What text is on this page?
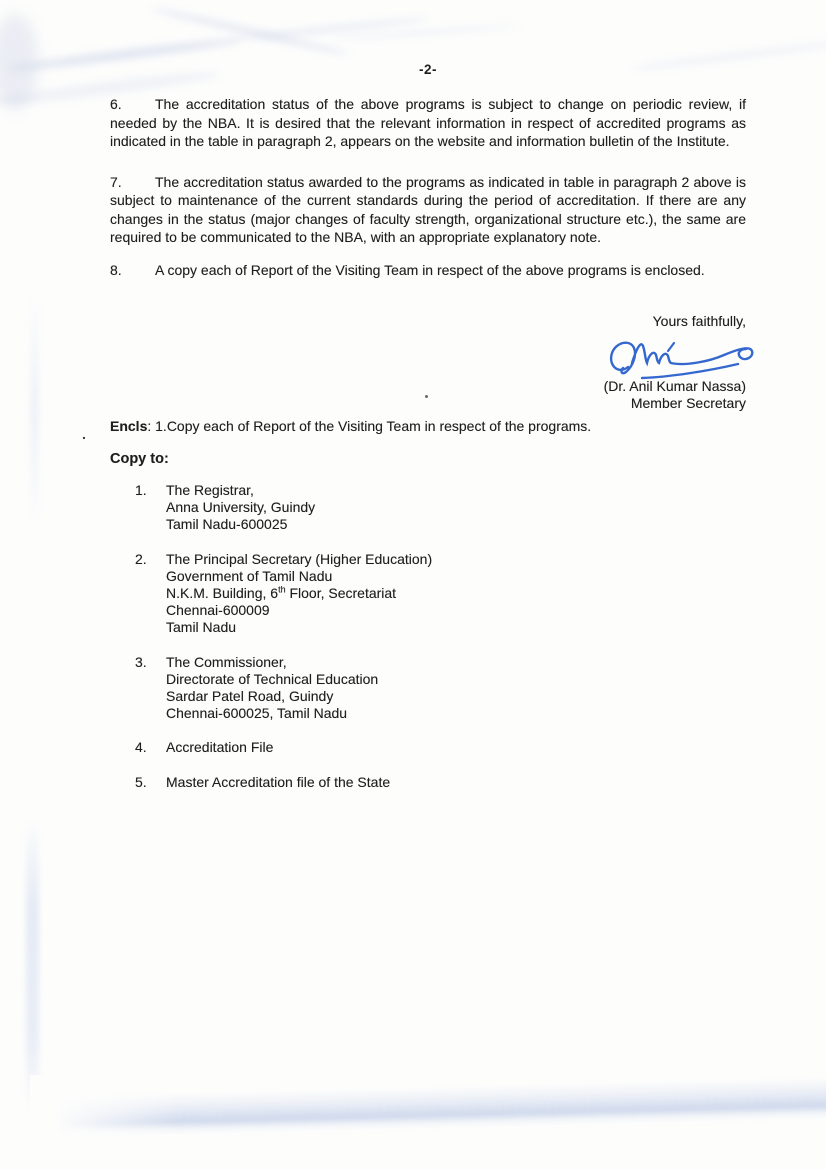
.
-2-

6. The accreditation status of the above programs is subject to change on periodic review, if needed by the NBA. It is desired that the relevant information in respect of accredited programs as indicated in the table in paragraph 2, appears on the website and information bulletin of the Institute.

7. The accreditation status awarded to the programs as indicated in table in paragraph 2 above is subject to maintenance of the current standards during the period of accreditation. If there are any changes in the status (major changes of faculty strength, organizational structure etc.), the same are required to be communicated to the NBA, with an appropriate explanatory note.

8. A copy each of Report of the Visiting Team in respect of the above programs is enclosed.

Yours faithfully,
(Dr. Anil Kumar Nassa)
Member Secretary

Encls: 1.Copy each of Report of the Visiting Team in respect of the programs.

Copy to:
1.	The Registrar,
Anna University, Guindy
Tamil Nadu-600025
2.	The Principal Secretary (Higher Education)
Government of Tamil Nadu
N.K.M. Building, 6th Floor, Secretariat
Chennai-600009
Tamil Nadu
3.	The Commissioner,
Directorate of Technical Education
Sardar Patel Road, Guindy
Chennai-600025, Tamil Nadu
4.	Accreditation File
5.	Master Accreditation file of the State
